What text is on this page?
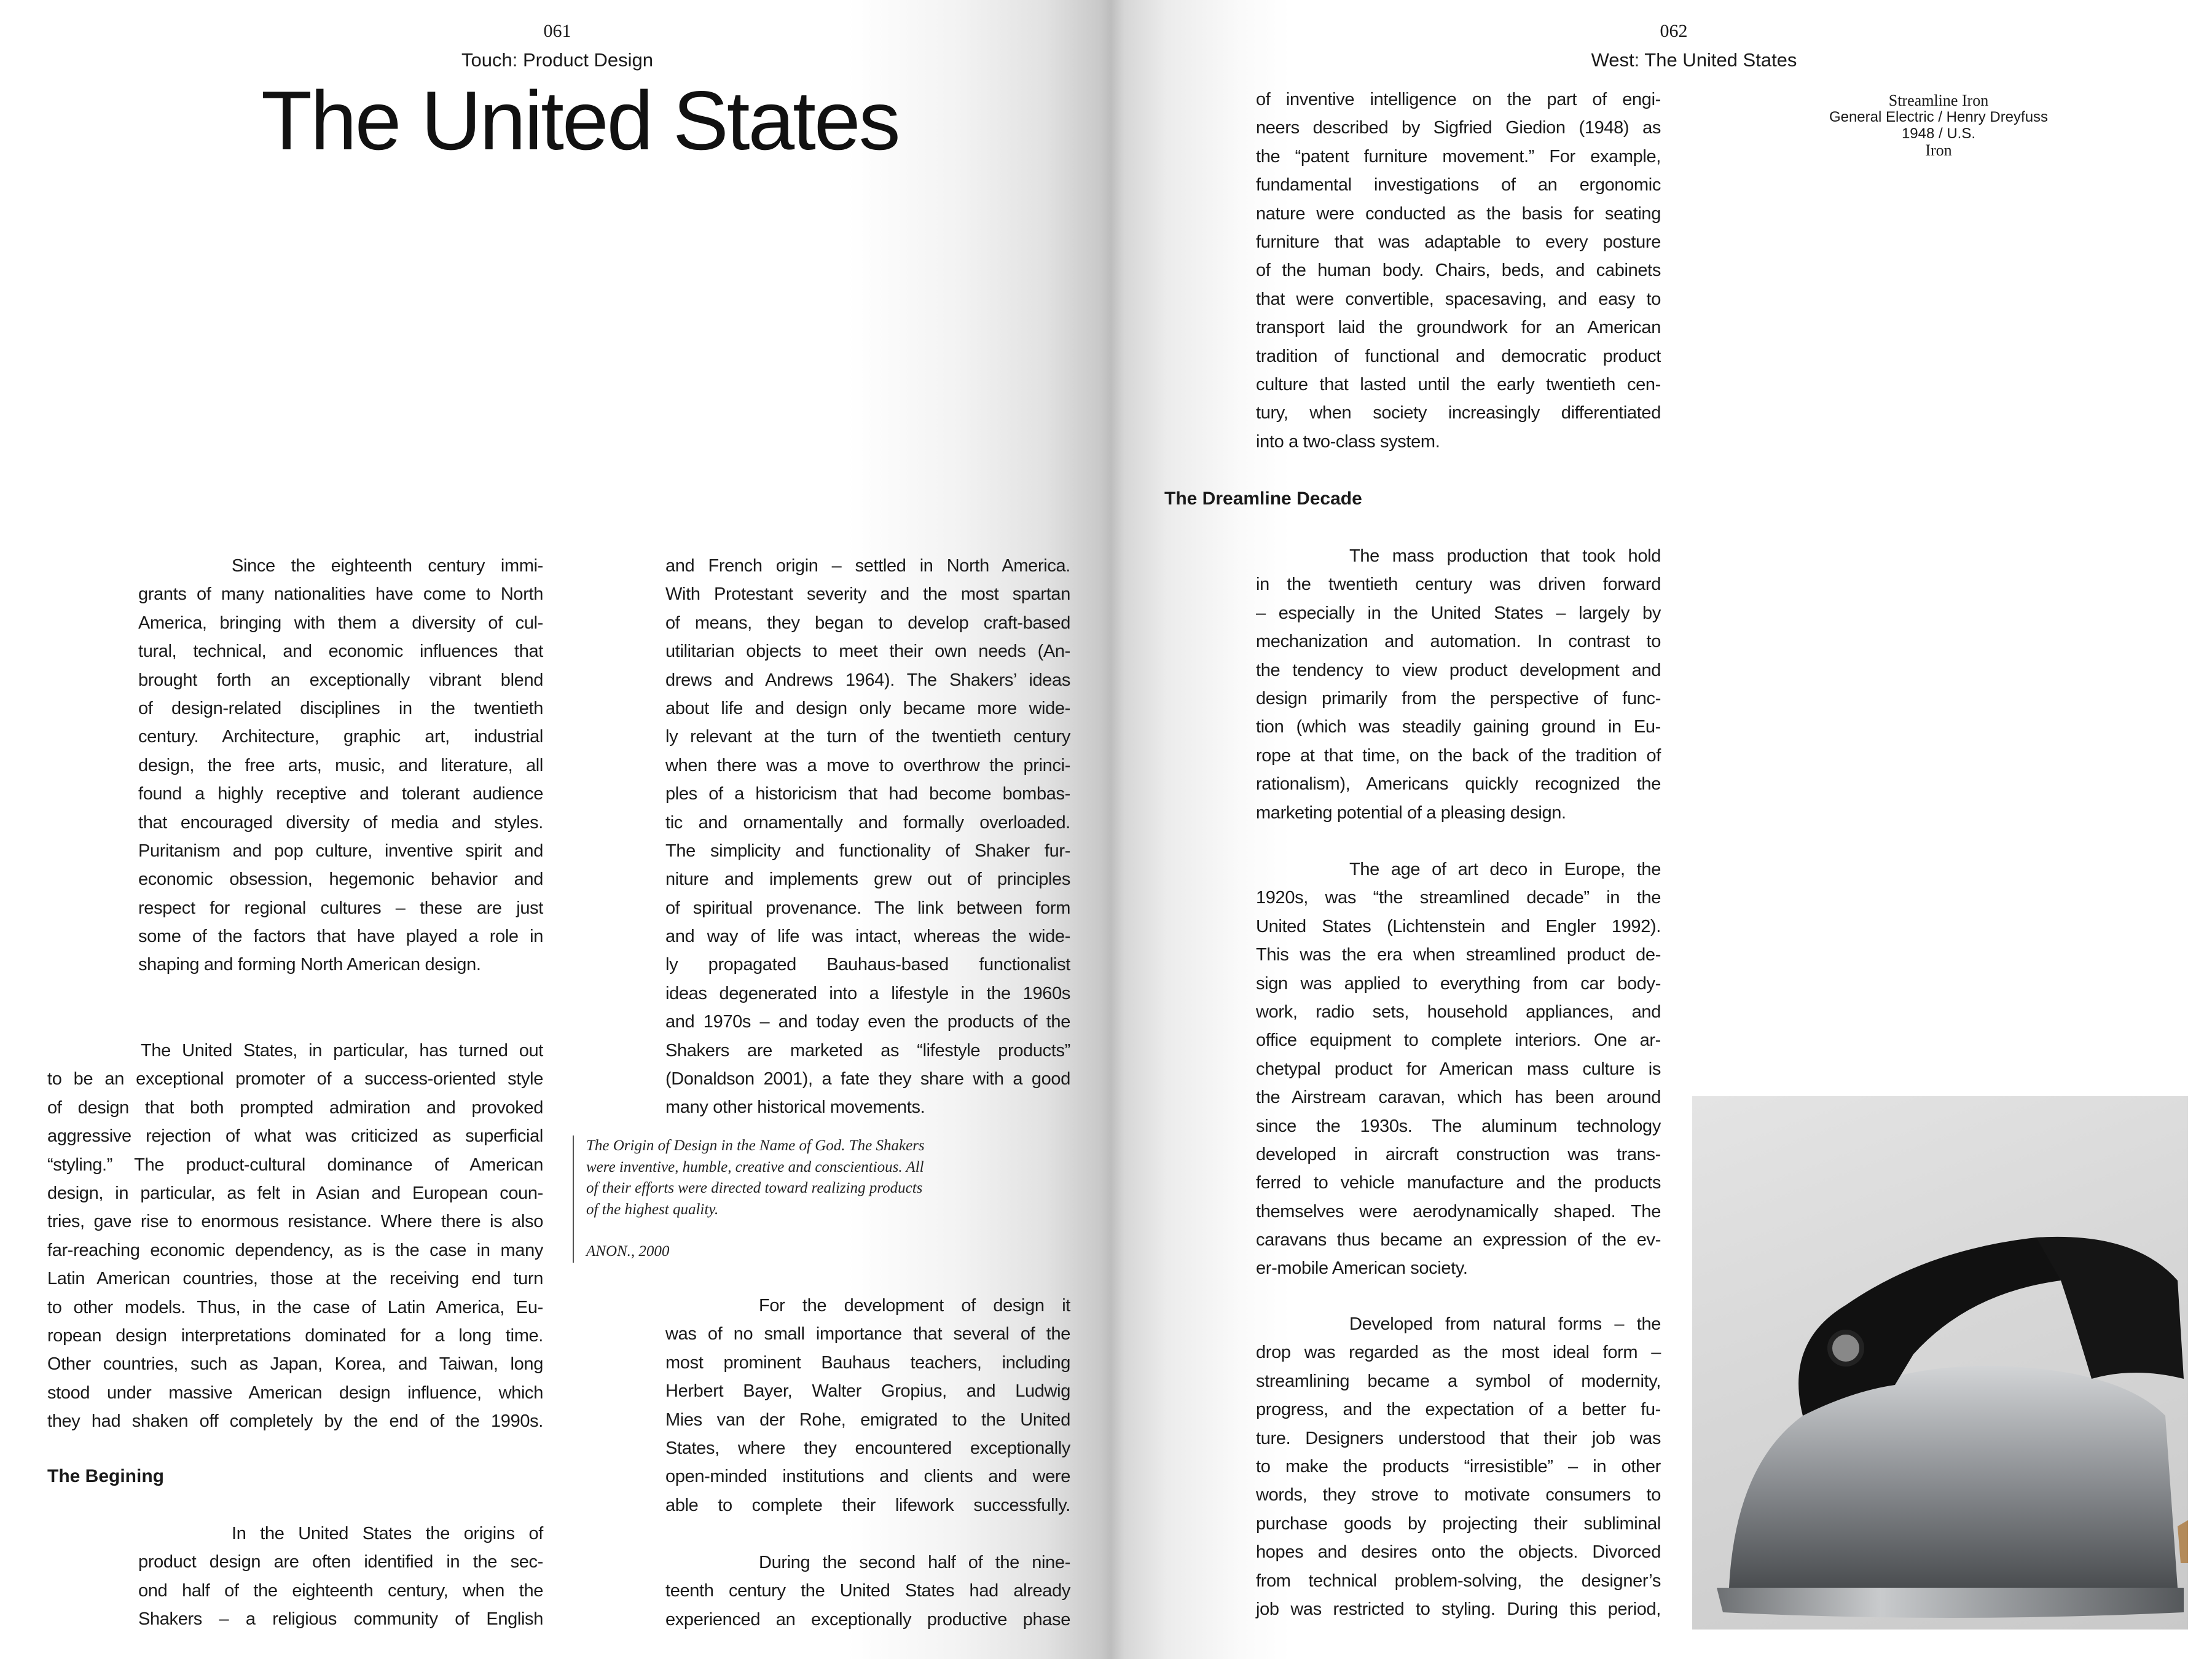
061
Touch: Product Design
The United States
062
West: The United States
Since the eighteenth century immi-
grants of many nationalities have come to North
America, bringing with them a diversity of cul-
tural, technical, and economic influences that
brought forth an exceptionally vibrant blend
of design-related disciplines in the twentieth
century. Architecture, graphic art, industrial
design, the free arts, music, and literature, all
found a highly receptive and tolerant audience
that encouraged diversity of media and styles.
Puritanism and pop culture, inventive spirit and
economic obsession, hegemonic behavior and
respect for regional cultures – these are just
some of the factors that have played a role in
shaping and forming North American design.
The United States, in particular, has turned out
to be an exceptional promoter of a success-oriented style
of design that both prompted admiration and provoked
aggressive rejection of what was criticized as superficial
“styling.” The product-cultural dominance of American
design, in particular, as felt in Asian and European coun-
tries, gave rise to enormous resistance. Where there is also
far-reaching economic dependency, as is the case in many
Latin American countries, those at the receiving end turn
to other models. Thus, in the case of Latin America, Eu-
ropean design interpretations dominated for a long time.
Other countries, such as Japan, Korea, and Taiwan, long
stood under massive American design influence, which
they had shaken off completely by the end of the 1990s.
The Begining
In the United States the origins of
product design are often identified in the sec-
ond half of the eighteenth century, when the
Shakers – a religious community of English
and French origin – settled in North America.
With Protestant severity and the most spartan
of means, they began to develop craft-based
utilitarian objects to meet their own needs (An-
drews and Andrews 1964). The Shakers’ ideas
about life and design only became more wide-
ly relevant at the turn of the twentieth century
when there was a move to overthrow the princi-
ples of a historicism that had become bombas-
tic and ornamentally and formally overloaded.
The simplicity and functionality of Shaker fur-
niture and implements grew out of principles
of spiritual provenance. The link between form
and way of life was intact, whereas the wide-
ly propagated Bauhaus-based functionalist
ideas degenerated into a lifestyle in the 1960s
and 1970s – and today even the products of the
Shakers are marketed as “lifestyle products”
(Donaldson 2001), a fate they share with a good
many other historical movements.
The Origin of Design in the Name of God. The Shakers
were inventive, humble, creative and conscientious. All
of their efforts were directed toward realizing products
of the highest quality.
ANON., 2000
For the development of design it
was of no small importance that several of the
most prominent Bauhaus teachers, including
Herbert Bayer, Walter Gropius, and Ludwig
Mies van der Rohe, emigrated to the United
States, where they encountered exceptionally
open-minded institutions and clients and were
able to complete their lifework successfully.
During the second half of the nine-
teenth century the United States had already
experienced an exceptionally productive phase
of inventive intelligence on the part of engi-
neers described by Sigfried Giedion (1948) as
the “patent furniture movement.” For example,
fundamental investigations of an ergonomic
nature were conducted as the basis for seating
furniture that was adaptable to every posture
of the human body. Chairs, beds, and cabinets
that were convertible, spacesaving, and easy to
transport laid the groundwork for an American
tradition of functional and democratic product
culture that lasted until the early twentieth cen-
tury, when society increasingly differentiated
into a two-class system.
The Dreamline Decade
The mass production that took hold
in the twentieth century was driven forward
– especially in the United States – largely by
mechanization and automation. In contrast to
the tendency to view product development and
design primarily from the perspective of func-
tion (which was steadily gaining ground in Eu-
rope at that time, on the back of the tradition of
rationalism), Americans quickly recognized the
marketing potential of a pleasing design.
The age of art deco in Europe, the
1920s, was “the streamlined decade” in the
United States (Lichtenstein and Engler 1992).
This was the era when streamlined product de-
sign was applied to everything from car body-
work, radio sets, household appliances, and
office equipment to complete interiors. One ar-
chetypal product for American mass culture is
the Airstream caravan, which has been around
since the 1930s. The aluminum technology
developed in aircraft construction was trans-
ferred to vehicle manufacture and the products
themselves were aerodynamically shaped. The
caravans thus became an expression of the ev-
er-mobile American society.
Developed from natural forms – the
drop was regarded as the most ideal form –
streamlining became a symbol of modernity,
progress, and the expectation of a better fu-
ture. Designers understood that their job was
to make the products “irresistible” – in other
words, they strove to motivate consumers to
purchase goods by projecting their subliminal
hopes and desires onto the objects. Divorced
from technical problem-solving, the designer’s
job was restricted to styling. During this period,
Streamline Iron
General Electric / Henry Dreyfuss
1948 / U.S.
Iron
